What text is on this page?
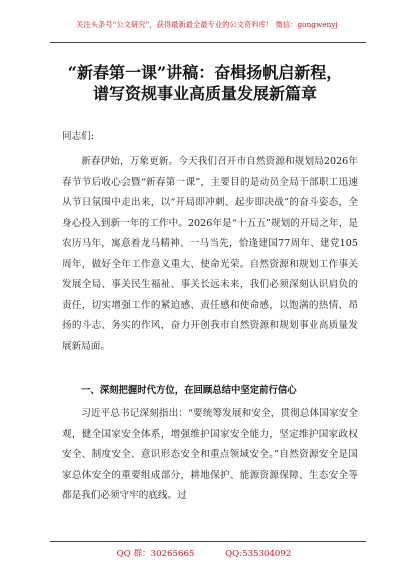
关注头条号“公文研究”，获得最新最全最专业的公文资料库！ 微信：gongwenyj
“新春第一课”讲稿：奋楫扬帆启新程，
谱写资规事业高质量发展新篇章
同志们:
新春伊始，万象更新。今天我们召开市自然资源和规划局2026年春节节后收心会暨“新春第一课”，主要目的是动员全局干部职工迅速从节日氛围中走出来，以“开局即冲刺、起步即决战”的奋斗姿态，全身心投入到新一年的工作中。2026年是“十五五”规划的开局之年，是农历马年，寓意着龙马精神、一马当先，恰逢建国77周年、建党105周年，做好全年工作意义重大、使命光荣。自然资源和规划工作事关发展全局、事关民生福祉、事关长远未来，我们必须深刻认识肩负的责任，切实增强工作的紧迫感、责任感和使命感，以饱满的热情、昂扬的斗志、务实的作风，奋力开创我市自然资源和规划事业高质量发展新局面。
一、深刻把握时代方位，在回顾总结中坚定前行信心
习近平总书记深刻指出：“要统筹发展和安全，贯彻总体国家安全观，健全国家安全体系，增强维护国家安全能力，坚定维护国家政权安全、制度安全、意识形态安全和重点领域安全。”自然资源安全是国家总体安全的重要组成部分，耕地保护、能源资源保障、生态安全等都是我们必须守牢的底线。过
QQ 群：30265665	QQ:535304092
